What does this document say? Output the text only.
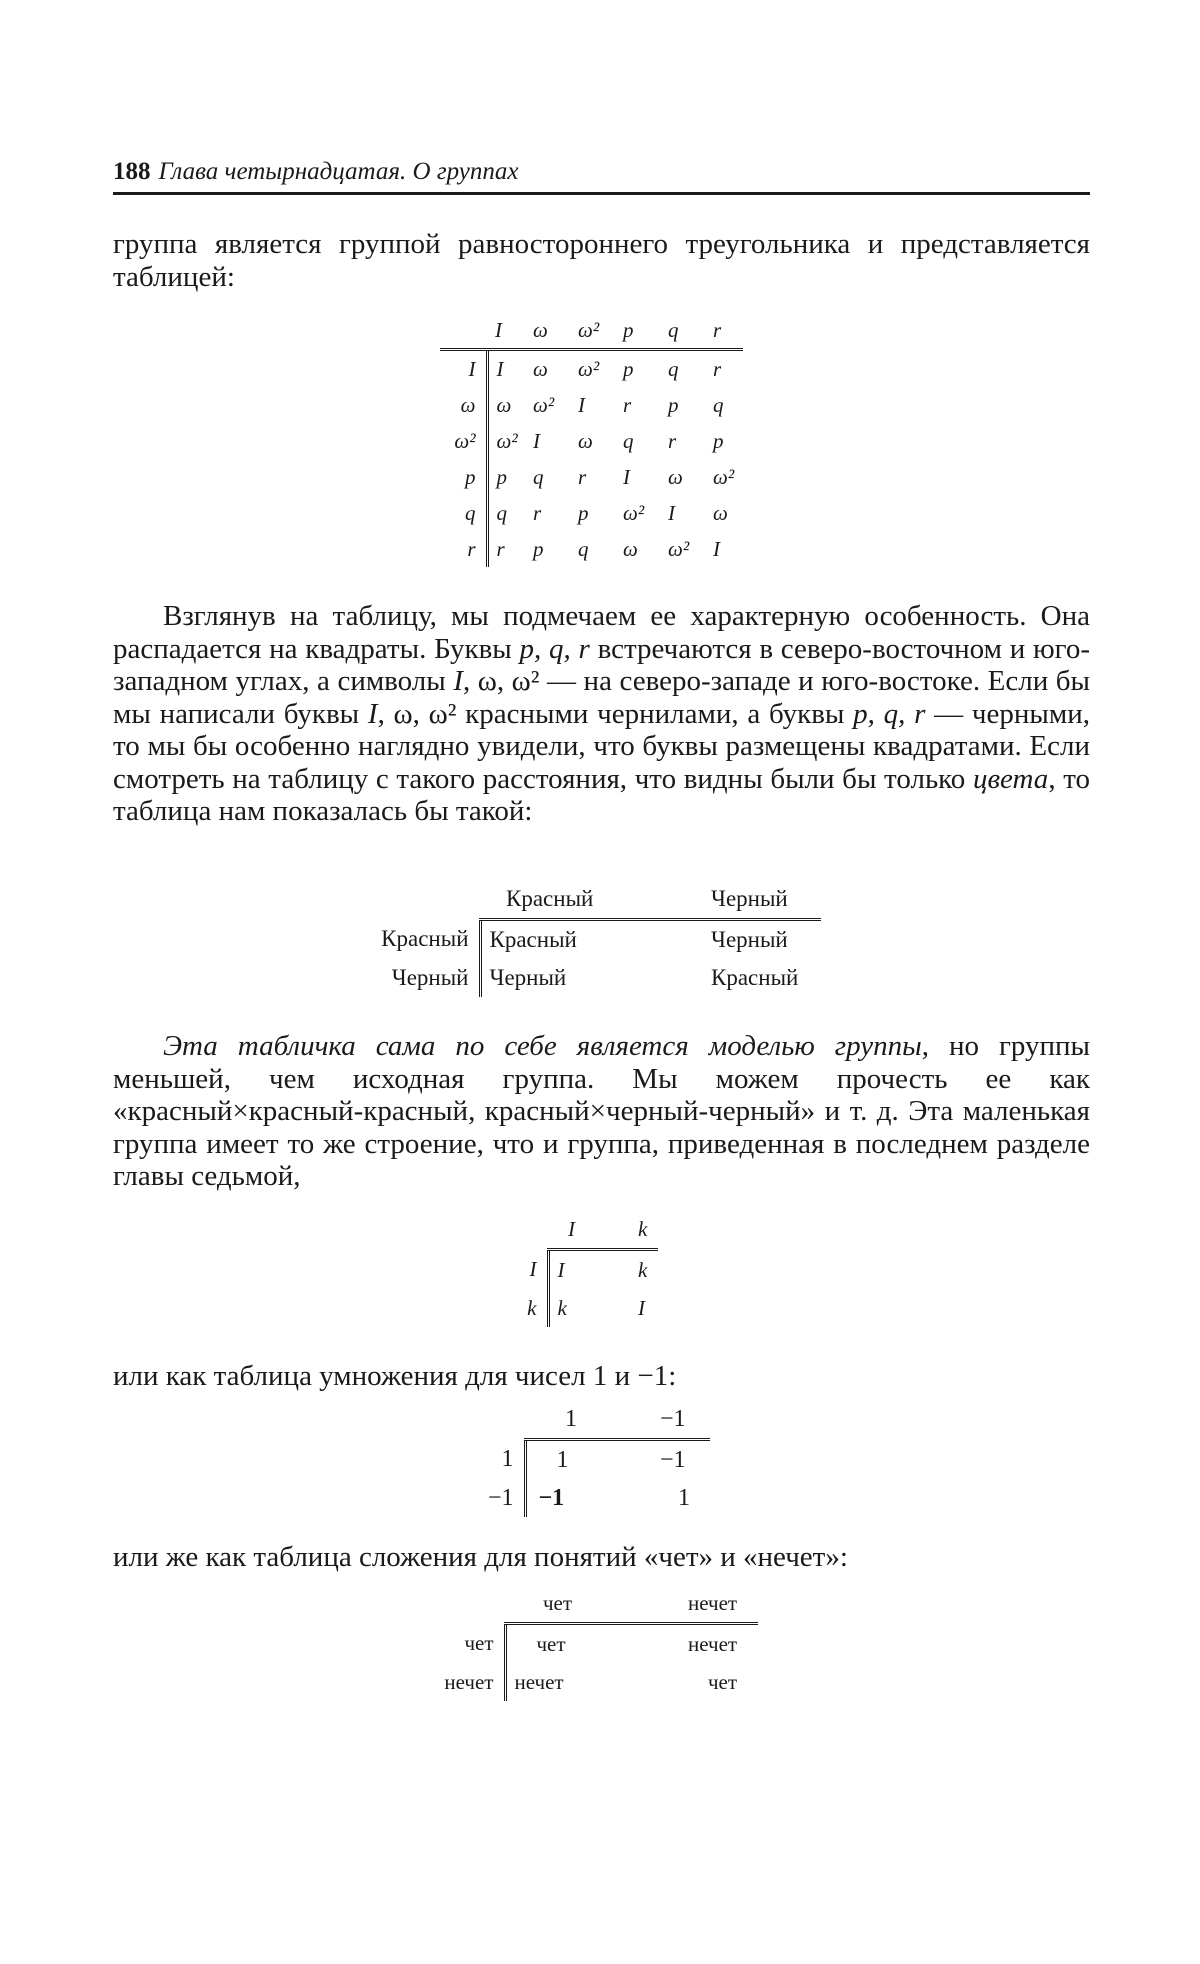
188 Глава четырнадцатая. О группах
группа является группой равностороннего треугольника и представляется таблицей:
	I	ω	ω²	p	q	r
I	I	ω	ω²	p	q	r
ω	ω	ω²	I	r	p	q
ω²	ω²	I	ω	q	r	p
p	p	q	r	I	ω	ω²
q	q	r	p	ω²	I	ω
r	r	p	q	ω	ω²	I
Взглянув на таблицу, мы подмечаем ее характерную особенность. Она распадается на квадраты. Буквы p, q, r встречаются в северо-восточном и юго-западном углах, а символы I, ω, ω² — на северо-западе и юго-востоке. Если бы мы написали буквы I, ω, ω² красными чернилами, а буквы p, q, r — черными, то мы бы особенно наглядно увидели, что буквы размещены квадратами. Если смотреть на таблицу с такого расстояния, что видны были бы только цвета, то таблица нам показалась бы такой:
	Красный	Черный
Красный	Красный	Черный
Черный	Черный	Красный
Эта табличка сама по себе является моделью группы, но группы меньшей, чем исходная группа. Мы можем прочесть ее как «красный×красный-красный, красный×черный-черный» и т. д. Эта маленькая группа имеет то же строение, что и группа, приведенная в последнем разделе главы седьмой,
	I	k
I	I	k
k	k	I
или как таблица умножения для чисел 1 и −1:
	1	−1
1	1	−1
−1	−1	1
или же как таблица сложения для понятий «чет» и «нечет»:
	чет	нечет
чет	чет	нечет
нечет	нечет	чет
